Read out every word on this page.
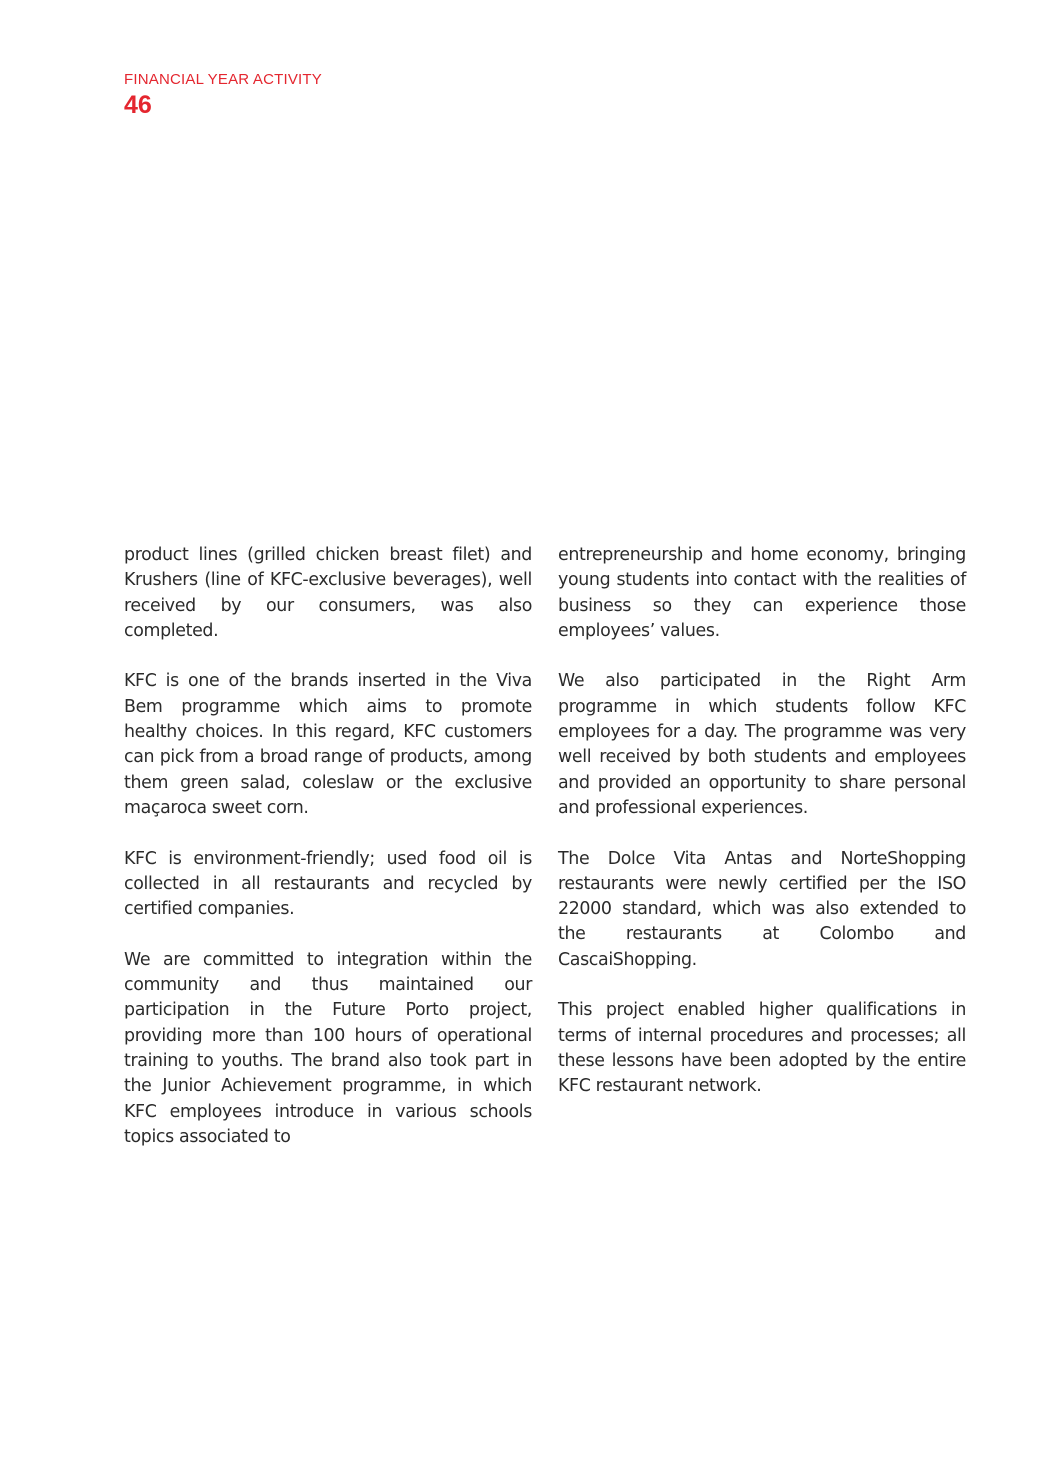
FINANCIAL YEAR ACTIVITY
46

product lines (grilled chicken breast filet) and Krushers (line of KFC-exclusive beverages), well received by our consumers, was also completed.

KFC is one of the brands inserted in the Viva Bem programme which aims to promote healthy choices. In this regard, KFC customers can pick from a broad range of products, among them green salad, coleslaw or the exclusive maçaroca sweet corn.

KFC is environment-friendly; used food oil is collected in all restaurants and recycled by certified companies.

We are committed to integration within the community and thus maintained our participation in the Future Porto project, providing more than 100 hours of operational training to youths. The brand also took part in the Junior Achievement programme, in which KFC employees introduce in various schools topics associated to

entrepreneurship and home economy, bringing young students into contact with the realities of business so they can experience those employees’ values.

We also participated in the Right Arm programme in which students follow KFC employees for a day. The programme was very well received by both students and employees and provided an opportunity to share personal and professional experiences.

The Dolce Vita Antas and NorteShopping restaurants were newly certified per the ISO 22000 standard, which was also extended to the restaurants at Colombo and CascaiShopping.

This project enabled higher qualifications in terms of internal procedures and processes; all these lessons have been adopted by the entire KFC restaurant network.
